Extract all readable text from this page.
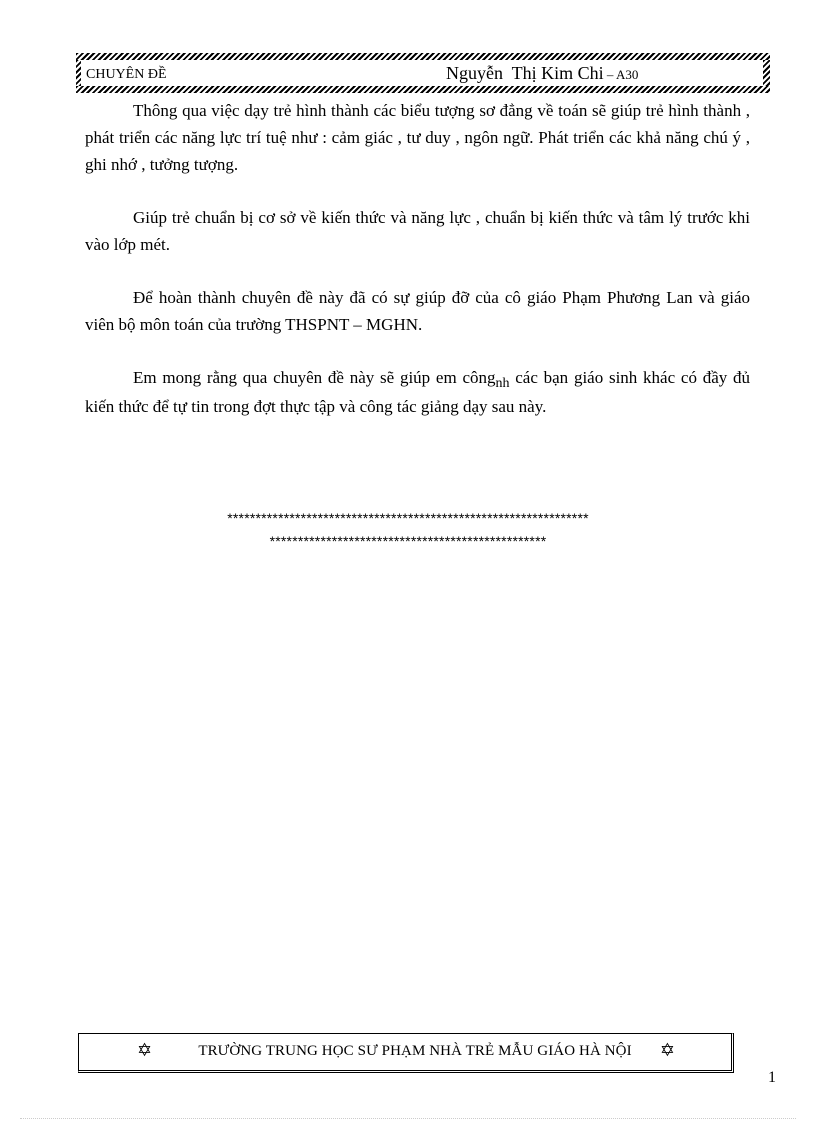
CHUYÊN ĐỀ	Nguyễn  Thị Kim Chi – A30

Thông qua việc dạy trẻ hình thành các biểu tượng sơ đẳng về toán sẽ giúp trẻ hình thành , phát triển các năng lực trí tuệ như : cảm giác , tư duy , ngôn ngữ. Phát triển các khả năng chú ý , ghi nhớ , tưởng tượng.

Giúp trẻ chuẩn bị cơ sở về kiến thức và năng lực , chuẩn bị kiến thức và tâm lý trước khi vào lớp mét.

Để hoàn thành chuyên đề này đã có sự giúp đỡ của cô giáo Phạm Phương Lan và giáo viên bộ môn toán của trường THSPNT – MGHN.

Em mong rằng qua chuyên đề này sẽ giúp em công$_{nh}$ các bạn giáo sinh khác có đầy đủ kiến thức để tự tin trong đợt thực tập và công tác giảng dạy sau này.

****************************************************************
*************************************************
✡	TRƯỜNG TRUNG HỌC SƯ PHẠM NHÀ TRẺ MẪU GIÁO HÀ NỘI	✡
1
